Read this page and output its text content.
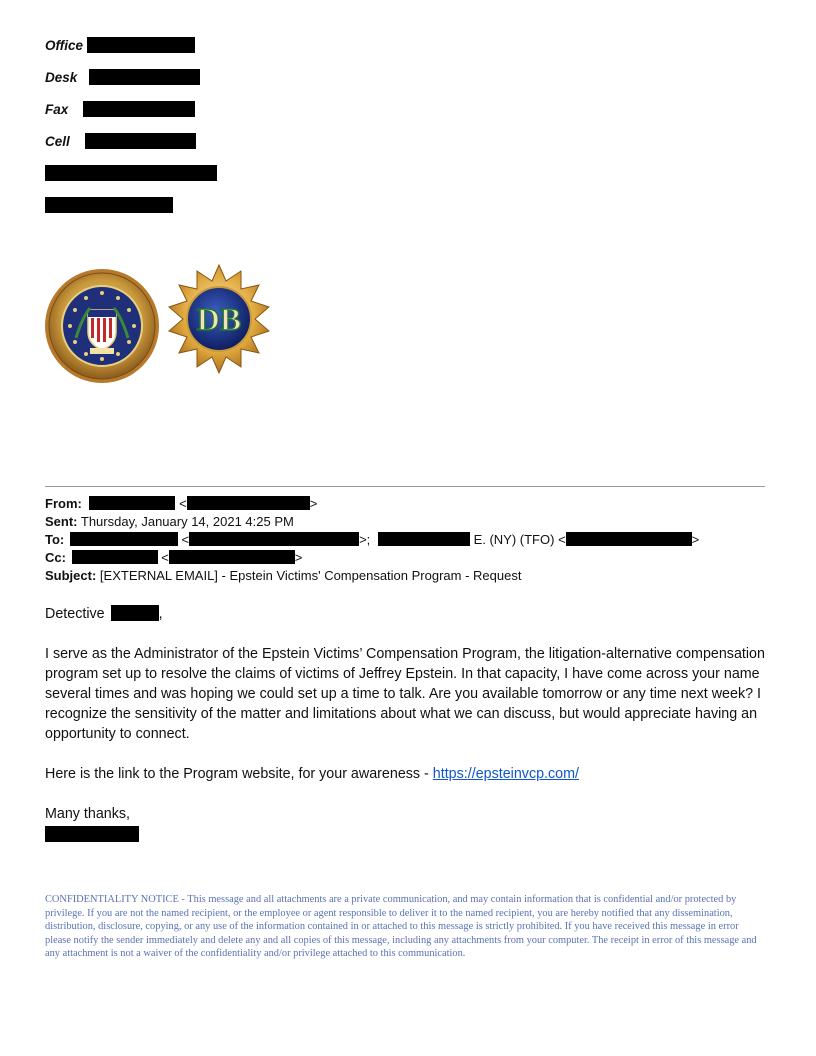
Office
Desk
Fax
Cell
DB
From:	<	>
Sent: Thursday, January 14, 2021 4:25 PM
To:	<	>;	E. (NY) (TFO) <	>
Cc:	<	>
Subject: [EXTERNAL EMAIL] - Epstein Victims' Compensation Program - Request
Detective	,
I serve as the Administrator of the Epstein Victims’ Compensation Program, the litigation-alternative compensation program set up to resolve the claims of victims of Jeffrey Epstein. In that capacity, I have come across your name several times and was hoping we could set up a time to talk. Are you available tomorrow or any time next week? I recognize the sensitivity of the matter and limitations about what we can discuss, but would appreciate having an opportunity to connect.
Here is the link to the Program website, for your awareness - https://epsteinvcp.com/
Many thanks,
CONFIDENTIALITY NOTICE - This message and all attachments are a private communication, and may contain information that is confidential and/or protected by privilege. If you are not the named recipient, or the employee or agent responsible to deliver it to the named recipient, you are hereby notified that any dissemination, distribution, disclosure, copying, or any use of the information contained in or attached to this message is strictly prohibited. If you have received this message in error please notify the sender immediately and delete any and all copies of this message, including any attachments from your computer. The receipt in error of this message and any attachment is not a waiver of the confidentiality and/or privilege attached to this communication.
